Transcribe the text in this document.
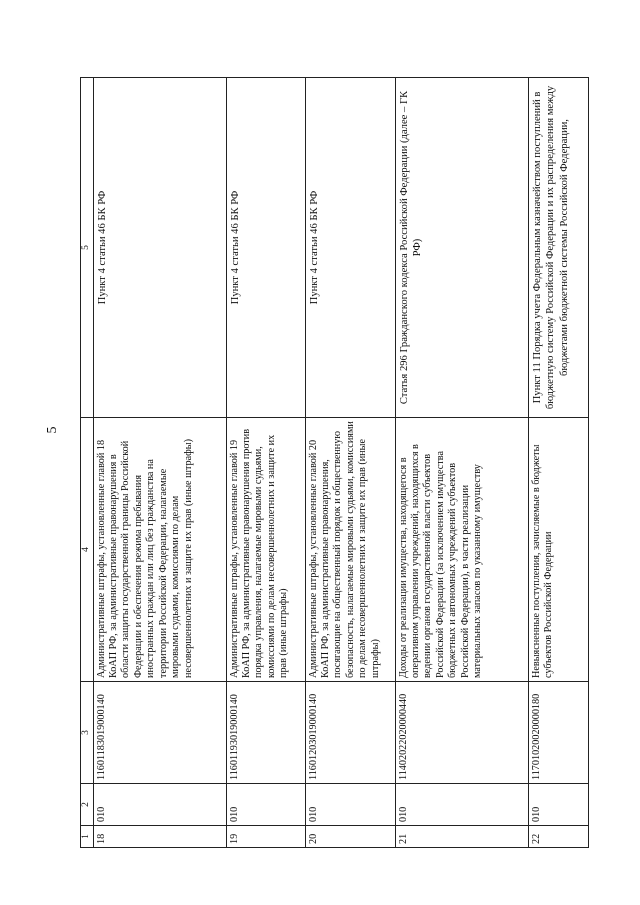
5
1	2	3	4	5
18	010	11601183019000140	Административные штрафы, установленные главой 18 КоАП РФ, за административные правонарушения в области защиты государственной границы Российской Федерации и обеспечения режима пребывания иностранных граждан или лиц без гражданства на территории Российской Федерации, налагаемые мировыми судьями, комиссиями по делам несовершеннолетних и защите их прав (иные штрафы)	Пункт 4 статьи 46 БК РФ
19	010	11601193019000140	Административные штрафы, установленные главой 19 КоАП РФ, за административные правонарушения против порядка управления, налагаемые мировыми судьями, комиссиями по делам несовершеннолетних и защите их прав (иные штрафы)	Пункт 4 статьи 46 БК РФ
20	010	11601203019000140	Административные штрафы, установленные главой 20 КоАП РФ, за административные правонарушения, посягающие на общественный порядок и общественную безопасность, налагаемые мировыми судьями, комиссиями по делам несовершеннолетних и защите их прав (иные штрафы)	Пункт 4 статьи 46 БК РФ
21	010	11402022020000440	Доходы от реализации имущества, находящегося в оперативном управлении учреждений, находящихся в ведении органов государственной власти субъектов Российской Федерации (за исключением имущества бюджетных и автономных учреждений субъектов Российской Федерации), в части реализации материальных запасов по указанному имуществу	Статья 296 Гражданского кодекса Российской Федерации (далее – ГК РФ)
22	010	11701020020000180	Невыясненные поступления, зачисляемые в бюджеты субъектов Российской Федерации	Пункт 11 Порядка учета Федеральным казначейством поступлений в бюджетную систему Российской Федерации и их распределения между бюджетами бюджетной системы Российской Федерации,
